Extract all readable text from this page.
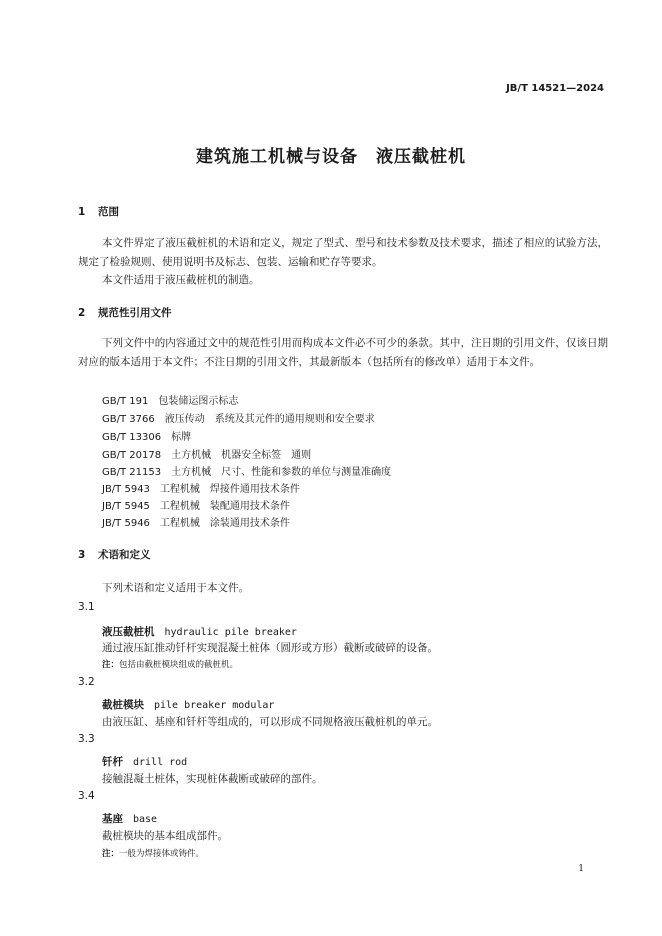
JB/T 14521—2024
建筑施工机械与设备　液压截桩机
1 范围
本文件界定了液压截桩机的术语和定义，规定了型式、型号和技术参数及技术要求，描述了相应的试验方法，规定了检验规则、使用说明书及标志、包装、运输和贮存等要求。
本文件适用于液压截桩机的制造。
2 规范性引用文件
下列文件中的内容通过文中的规范性引用而构成本文件必不可少的条款。其中，注日期的引用文件，仅该日期对应的版本适用于本文件；不注日期的引用文件，其最新版本（包括所有的修改单）适用于本文件。
GB/T 191　 包装储运图示标志
GB/T 3766　 液压传动　系统及其元件的通用规则和安全要求
GB/T 13306　 标牌
GB/T 20178　 土方机械　机器安全标签　通则
GB/T 21153　 土方机械　尺寸、性能和参数的单位与测量准确度
JB/T 5943　 工程机械　焊接件通用技术条件
JB/T 5945　 工程机械　装配通用技术条件
JB/T 5946　 工程机械　涂装通用技术条件
3 术语和定义
下列术语和定义适用于本文件。
3.1
液压截桩机 hydraulic pile breaker
通过液压缸推动钎杆实现混凝土桩体（圆形或方形）截断或破碎的设备。
注：包括由截桩模块组成的截桩机。
3.2
截桩模块 pile breaker modular
由液压缸、基座和钎杆等组成的，可以形成不同规格液压截桩机的单元。
3.3
钎杆 drill rod
接触混凝土桩体，实现桩体截断或破碎的部件。
3.4
基座 base
截桩模块的基本组成部件。
注：一般为焊接体或铸件。
1
